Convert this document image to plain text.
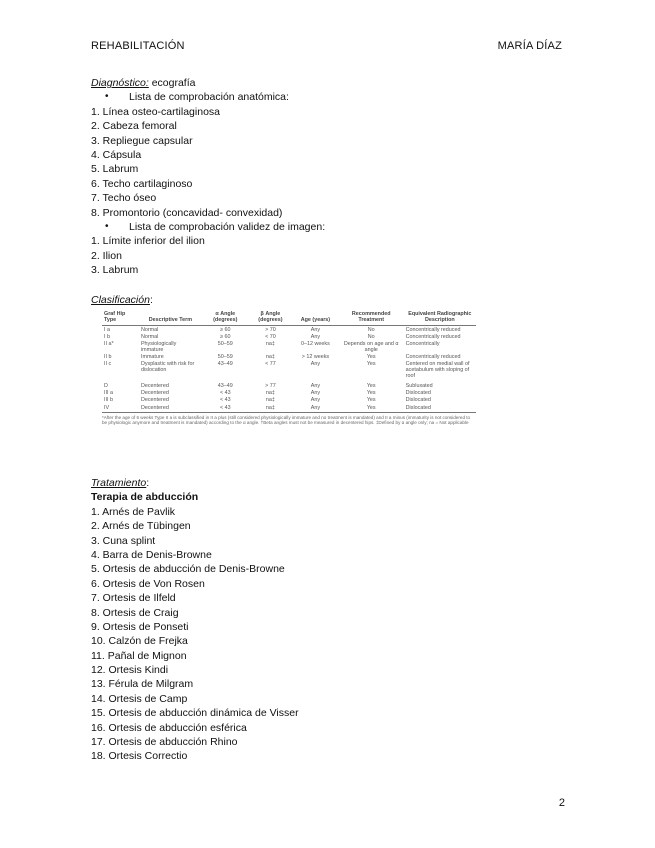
REHABILITACIÓN	MARÍA DÍAZ
Diagnóstico: ecografía
• Lista de comprobación anatómica:
1. Línea osteo-cartilaginosa
2. Cabeza femoral
3. Repliegue capsular
4. Cápsula
5. Labrum
6. Techo cartilaginoso
7. Techo óseo
8. Promontorio (concavidad- convexidad)
• Lista de comprobación validez de imagen:
1. Límite inferior del ilion
2. Ilion
3. Labrum
Clasificación:
Graf Hip Type	Descriptive Term	α Angle (degrees)	β Angle (degrees)	Age (years)	Recommended Treatment	Equivalent Radiographic Description
I a	Normal	≥ 60	> 70	Any	No	Concentrically reduced
I b	Normal	≥ 60	< 70	Any	No	Concentrically reduced
II a*	Physiologically immature	50–59	na‡	0–12 weeks	Depends on age and α angle	Concentrically
II b	Immature	50–59	na‡	> 12 weeks	Yes	Concentrically reduced
II c	Dysplastic with risk for dislocation	43–49	< 77	Any	Yes	Centered on medial wall of acetabulum with sloping of roof
D	Decentered	43–49	> 77	Any	Yes	Subluxated
III a	Decentered	< 43	na‡	Any	Yes	Dislocated
III b	Decentered	< 43	na‡	Any	Yes	Dislocated
IV	Decentered	< 43	na‡	Any	Yes	Dislocated
*After the age of 6 weeks Type II a is subclassified in II a plus (still considered physiologically immature and no treatment is mandated) and II a minus (immaturity is not considered to be physiologic anymore and treatment is mandated) according to the α angle. †Beta angles must not be measured in decentered hips. ‡Defined by α angle only; na = Not applicable
Tratamiento:
Terapia de abducción
1. Arnés de Pavlik
2. Arnés de Tübingen
3. Cuna splint
4. Barra de Denis-Browne
5. Ortesis de abducción de Denis-Browne
6. Ortesis de Von Rosen
7. Ortesis de Ilfeld
8. Ortesis de Craig
9. Ortesis de Ponseti
10. Calzón de Frejka
11. Pañal de Mignon
12. Ortesis Kindi
13. Férula de Milgram
14. Ortesis de Camp
15. Ortesis de abducción dinámica de Visser
16. Ortesis de abducción esférica
17. Ortesis de abducción Rhino
18. Ortesis Correctio
2
